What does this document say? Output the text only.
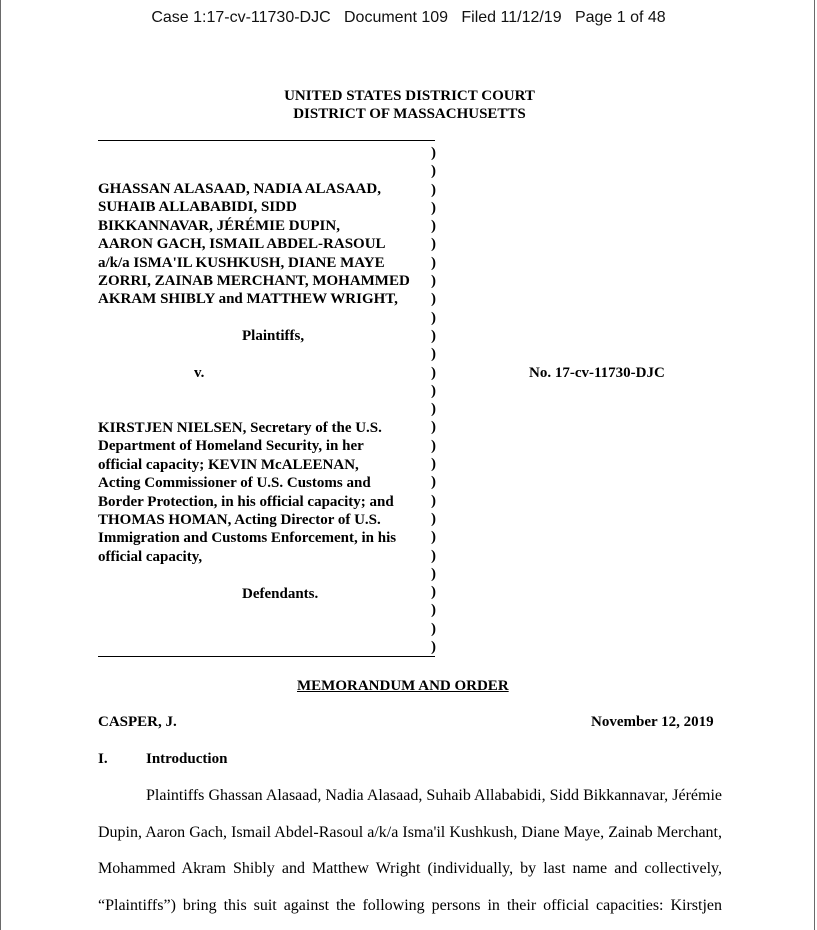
Case 1:17-cv-11730-DJC   Document 109   Filed 11/12/19   Page 1 of 48
UNITED STATES DISTRICT COURT
DISTRICT OF MASSACHUSETTS
)
)
)
)
)
)
)
)
)
)
)
)
)
)
)
)
)
)
)
)
)
)
)
)
)
)
)
)
GHASSAN ALASAAD, NADIA ALASAAD,
SUHAIB ALLABABIDI, SIDD
BIKKANNAVAR, JÉRÉMIE DUPIN,
AARON GACH, ISMAIL ABDEL-RASOUL
a/k/a ISMA'IL KUSHKUSH, DIANE MAYE
ZORRI, ZAINAB MERCHANT, MOHAMMED
AKRAM SHIBLY and MATTHEW WRIGHT,
Plaintiffs,
v.	No. 17-cv-11730-DJC
KIRSTJEN NIELSEN, Secretary of the U.S.
Department of Homeland Security, in her
official capacity; KEVIN McALEENAN,
Acting Commissioner of U.S. Customs and
Border Protection, in his official capacity; and
THOMAS HOMAN, Acting Director of U.S.
Immigration and Customs Enforcement, in his
official capacity,
Defendants.
MEMORANDUM AND ORDER
CASPER, J.	November 12, 2019
I.	Introduction
Plaintiffs Ghassan Alasaad, Nadia Alasaad, Suhaib Allababidi, Sidd Bikkannavar, Jérémie
Dupin, Aaron Gach, Ismail Abdel-Rasoul a/k/a Isma'il Kushkush, Diane Maye, Zainab Merchant,
Mohammed Akram Shibly and Matthew Wright (individually, by last name and collectively,
“Plaintiffs”) bring this suit against the following persons in their official capacities: Kirstjen
